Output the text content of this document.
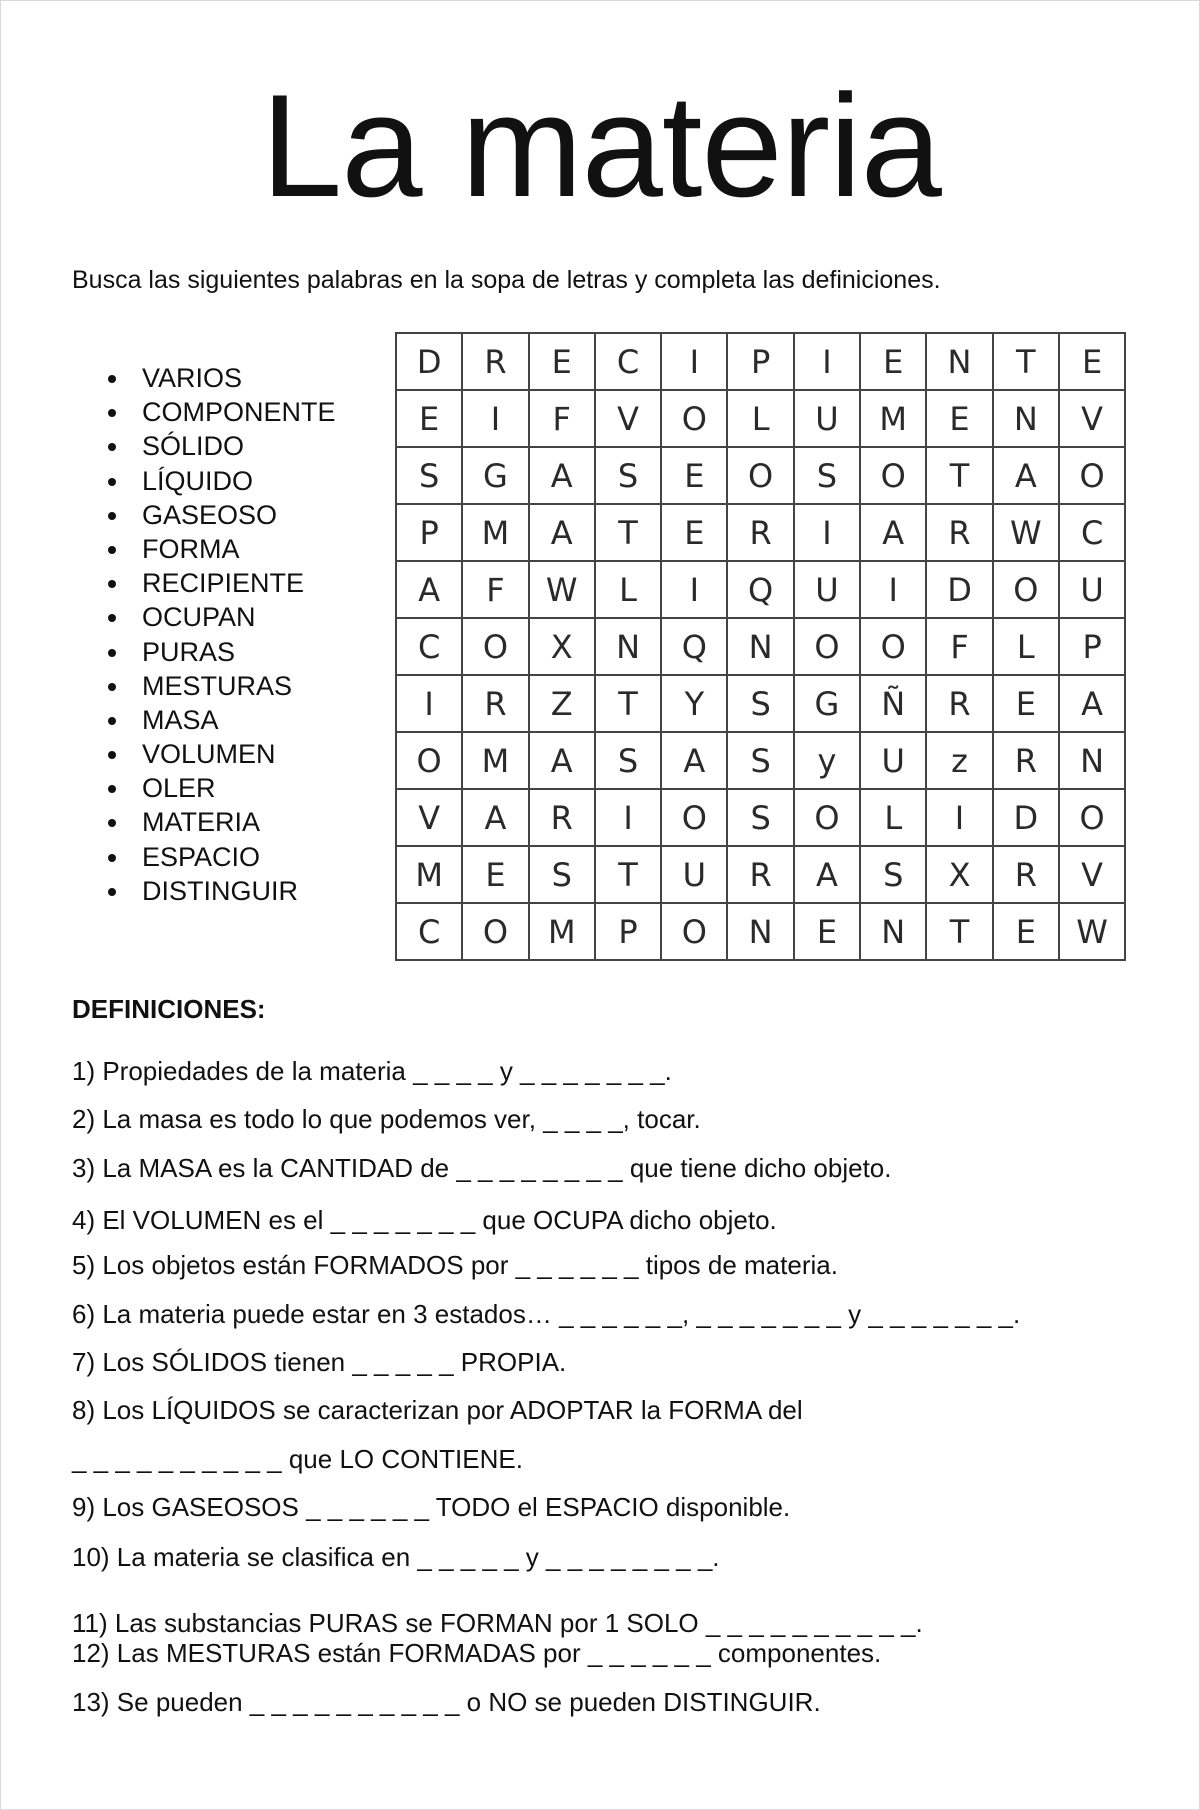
La materia
Busca las siguientes palabras en la sopa de letras y completa las definiciones.
VARIOS
COMPONENTE
SÓLIDO
LÍQUIDO
GASEOSO
FORMA
RECIPIENTE
OCUPAN
PURAS
MESTURAS
MASA
VOLUMEN
OLER
MATERIA
ESPACIO
DISTINGUIR
D	R	E	C	I	P	I	E	N	T	E
E	I	F	V	O	L	U	M	E	N	V
S	G	A	S	E	O	S	O	T	A	O
P	M	A	T	E	R	I	A	R	W	C
A	F	W	L	I	Q	U	I	D	O	U
C	O	X	N	Q	N	O	O	F	L	P
I	R	Z	T	Y	S	G	Ñ	R	E	A
O	M	A	S	A	S	y	U	z	R	N
V	A	R	I	O	S	O	L	I	D	O
M	E	S	T	U	R	A	S	X	R	V
C	O	M	P	O	N	E	N	T	E	W
DEFINICIONES:
1) Propiedades de la materia _ _ _ _ y _ _ _ _ _ _ _.
2) La masa es todo lo que podemos ver, _ _ _ _, tocar.
3) La MASA es la CANTIDAD de _ _ _ _ _ _ _ _ que tiene dicho objeto.
4) El VOLUMEN es el _ _ _ _ _ _ _ que OCUPA dicho objeto.
5) Los objetos están FORMADOS por _ _ _ _ _ _ tipos de materia.
6) La materia puede estar en 3 estados… _ _ _ _ _ _, _ _ _ _ _ _ _ y _ _ _ _ _ _ _.
7) Los SÓLIDOS tienen _ _ _ _ _ PROPIA.
8) Los LÍQUIDOS se caracterizan por ADOPTAR la FORMA del
_ _ _ _ _ _ _ _ _ _ que LO CONTIENE.
9) Los GASEOSOS _ _ _ _ _ _ TODO el ESPACIO disponible.
10) La materia se clasifica en _ _ _ _ _ y _ _ _ _ _ _ _ _.
11) Las substancias PURAS se FORMAN por 1 SOLO _ _ _ _ _ _ _ _ _ _.
12) Las MESTURAS están FORMADAS por _ _ _ _ _ _ componentes.
13) Se pueden _ _ _ _ _ _ _ _ _ _ o NO se pueden DISTINGUIR.
